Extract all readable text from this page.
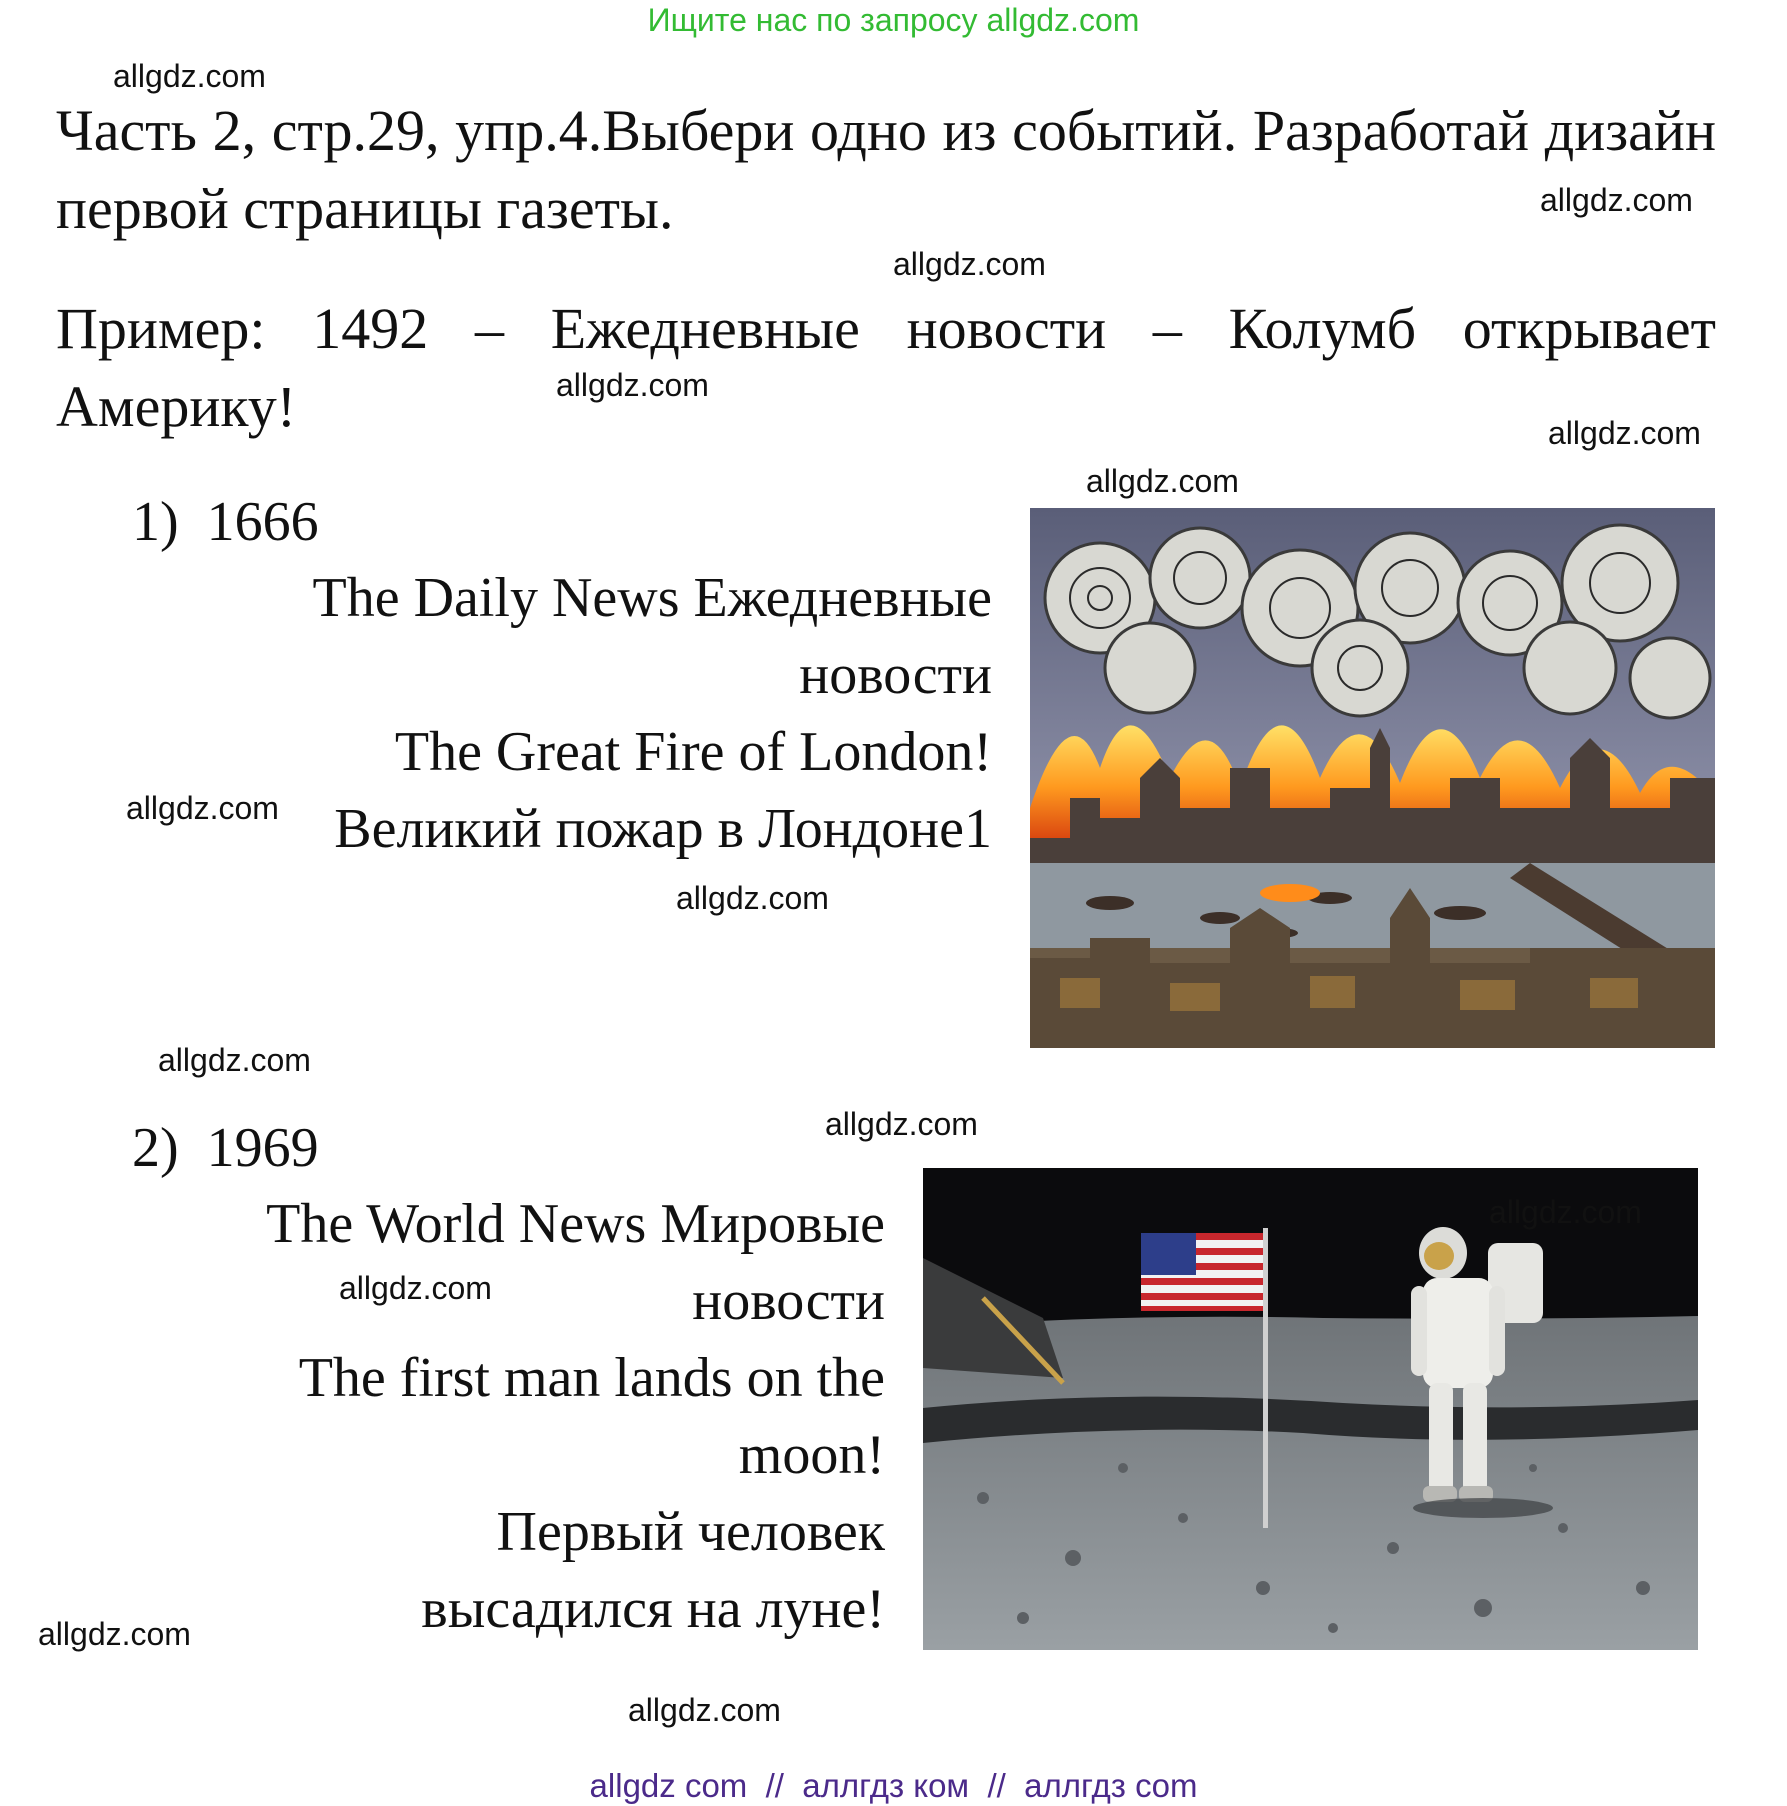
Ищите нас по запросу allgdz.com
allgdz.com
allgdz.com
allgdz.com
allgdz.com
allgdz.com
allgdz.com
allgdz.com
allgdz.com
allgdz.com
allgdz.com
allgdz.com
allgdz.com
allgdz.com
Часть 2, стр.29, упр.4.Выбери одно из событий. Разработай дизайн первой страницы газеты.
Пример: 1492 – Ежедневные новости – Колумб открывает Америку!
1) 1666
The Daily News Ежедневные
новости
The Great Fire of London!
Великий пожар в Лондоне1
2) 1969
The World News Мировые
новости
The first man lands on the
moon!
Первый человек
высадился на луне!
allgdz.com
allgdz com  //  аллгдз ком  //  аллгдз com
